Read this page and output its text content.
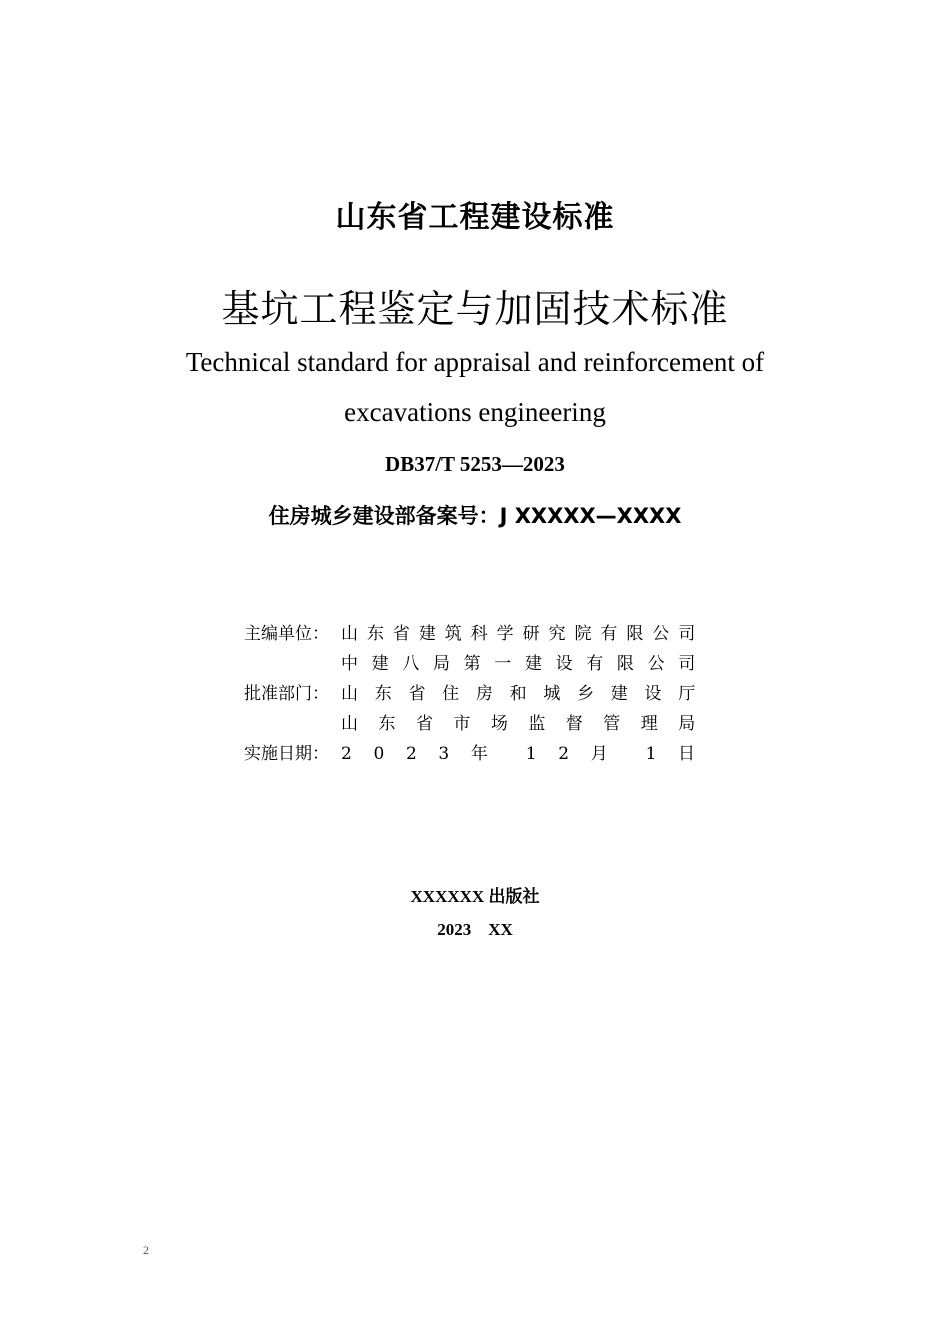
山东省工程建设标准
基坑工程鉴定与加固技术标准
Technical standard for appraisal and reinforcement of
excavations engineering
DB37/T 5253—2023
住房城乡建设部备案号：J XXXXX—XXXX
主编单位：	山 东 省 建 筑 科 学 研 究 院 有 限 公 司
	中 建 八 局 第 一 建 设 有 限 公 司
批准部门：	山 东 省 住 房 和 城 乡 建 设 厅
	山 东 省 市 场 监 督 管 理 局
实施日期：	2 0 2 3 年 1 2 月 1 日
XXXXXX 出版社
2023    XX
2
